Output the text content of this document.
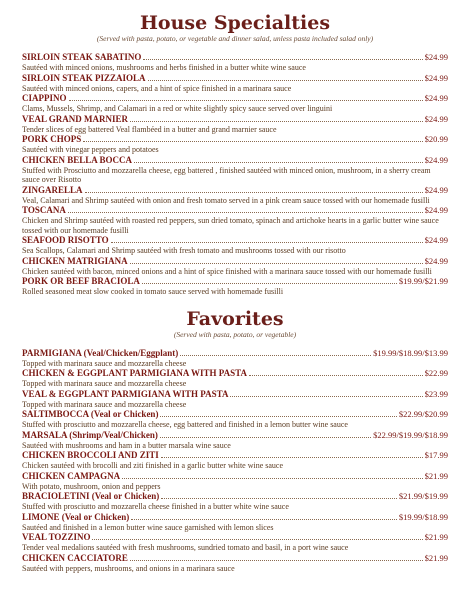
House Specialties
(Served with pasta, potato, or vegetable and dinner salad, unless pasta included salad only)
SIRLOIN STEAK SABATINO	$24.99
Sautéed with minced onions, mushrooms and herbs finished in a butter white wine sauce
SIRLOIN STEAK PIZZAIOLA	$24.99
Sautéed with minced onions, capers, and a hint of spice finished in a marinara sauce
CIAPPINO	$24.99
Clams, Mussels, Shrimp, and Calamari in a red or white slightly spicy sauce served over linguini
VEAL GRAND MARNIER	$24.99
Tender slices of egg battered Veal flambéed in a butter and grand marnier sauce
PORK CHOPS	$20.99
Sautéed with vinegar peppers and potatoes
CHICKEN BELLA BOCCA	$24.99
Stuffed with Prosciutto and mozzarella cheese, egg battered , finished sautéed with minced onion, mushroom, in a sherry cream sauce over Risotto
ZINGARELLA	$24.99
Veal, Calamari and Shrimp sautéed with onion and fresh tomato served in a pink cream sauce tossed with our homemade fusilli
TOSCANA	$24.99
Chicken and Shrimp sautéed with roasted red peppers, sun dried tomato, spinach and artichoke hearts in a garlic butter wine sauce tossed with our homemade fusilli
SEAFOOD RISOTTO	$24.99
Sea Scallops, Calamari and Shrimp sautéed with fresh tomato and mushrooms tossed with our risotto
CHICKEN MATRIGIANA	$24.99
Chicken sautéed with bacon, minced onions and a hint of spice finished with a marinara sauce tossed with our homemade fusilli
PORK OR BEEF BRACIOLA	$19.99/$21.99
Rolled seasoned meat slow cooked in tomato sauce served with homemade fusilli
Favorites
(Served with pasta, potato, or vegetable)
PARMIGIANA (Veal/Chicken/Eggplant)	$19.99/$18.99/$13.99
Topped with marinara sauce and mozzarella cheese
CHICKEN & EGGPLANT PARMIGIANA WITH PASTA	$22.99
Topped with marinara sauce and mozzarella cheese
VEAL & EGGPLANT PARMIGIANA WITH PASTA	$23.99
Topped with marinara sauce and mozzarella cheese
SALTIMBOCCA (Veal or Chicken)	$22.99/$20.99
Stuffed with prosciutto and mozzarella cheese, egg battered and finished in a lemon butter wine sauce
MARSALA (Shrimp/Veal/Chicken)	$22.99/$19.99/$18.99
Sautéed with mushrooms and ham in a butter marsala wine sauce
CHICKEN BROCCOLI AND ZITI	$17.99
Chicken sautéed with brocolli and ziti finished in a garlic butter white wine sauce
CHICKEN CAMPAGNA	$21.99
With potato, mushroom, onion and peppers
BRACIOLETINI (Veal or Chicken)	$21.99/$19.99
Stuffed with prosciutto and mozzarella cheese finished in a butter white wine sauce
LIMONE (Veal or Chicken)	$19.99/$18.99
Sautéed and finished in a lemon butter wine sauce garnished with lemon slices
VEAL TOZZINO	$21.99
Tender veal medalions sautéed with fresh mushrooms, sundried tomato and basil, in a port wine sauce
CHICKEN CACCIATORE	$21.99
Sautéed with peppers, mushrooms, and onions in a marinara sauce
